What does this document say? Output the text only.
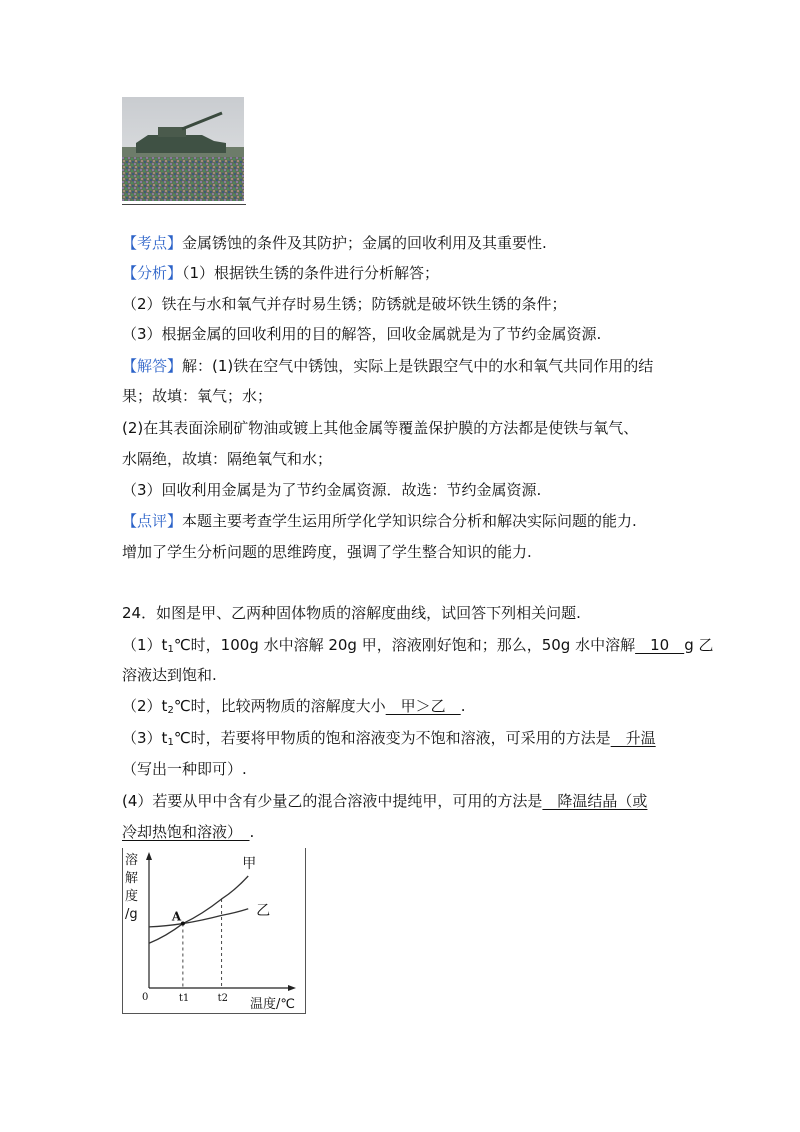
【考点】金属锈蚀的条件及其防护；金属的回收利用及其重要性.
【分析】（1）根据铁生锈的条件进行分析解答；
（2）铁在与水和氧气并存时易生锈；防锈就是破坏铁生锈的条件；
（3）根据金属的回收利用的目的解答，回收金属就是为了节约金属资源.
【解答】解：(1)铁在空气中锈蚀，实际上是铁跟空气中的水和氧气共同作用的结
果；故填：氧气；水；
(2)在其表面涂刷矿物油或镀上其他金属等覆盖保护膜的方法都是使铁与氧气、
水隔绝，故填：隔绝氧气和水；
（3）回收利用金属是为了节约金属资源．故选：节约金属资源.
【点评】本题主要考查学生运用所学化学知识综合分析和解决实际问题的能力.
增加了学生分析问题的思维跨度，强调了学生整合知识的能力.
24．如图是甲、乙两种固体物质的溶解度曲线，试回答下列相关问题.
$(1)t_1℃$时，100g 水中溶解 20g 甲，溶液刚好饱和；那么，50g 水中溶解　10　g 乙
溶液达到饱和.
$(2)t_2℃$时，比较两物质的溶解度大小　甲＞乙　.
$(3)t_1℃$时，若要将甲物质的饱和溶液变为不饱和溶液，可采用的方法是　升温
（写出一种即可）.
(4）若要从甲中含有少量乙的混合溶液中提纯甲，可用的方法是　降温结晶（或
冷却热饱和溶液）　.
溶解度/g
温度/℃
0
甲
乙
A
t1	t2
